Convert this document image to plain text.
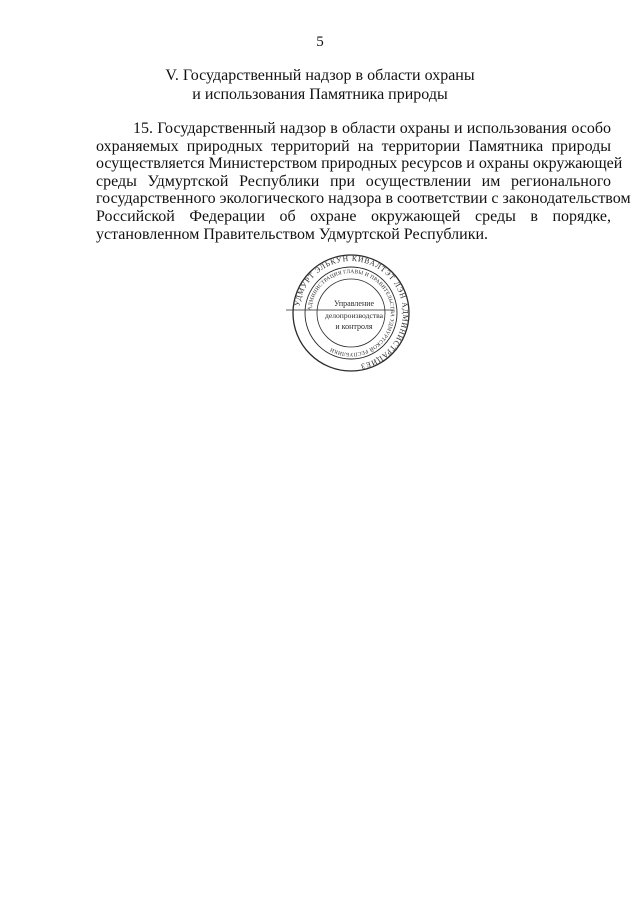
5
V. Государственный надзор в области охраны
и использования Памятника природы
15. Государственный надзор в области охраны и использования особо
охраняемых природных территорий на территории Памятника природы
осуществляется Министерством природных ресурсов и охраны окружающей
среды Удмуртской Республики при осуществлении им регионального
государственного экологического надзора в соответствии с законодательством
Российской Федерации об охране окружающей среды в порядке,
установленном Правительством Удмуртской Республики.
УДМУРТ ЭЛЬКУН КИВАЛТЭТ ЛЭН АДМИНИСТРАЦИЕЗ
АДМИНИСТРАЦИЯ ГЛАВЫ И ПРАВИТЕЛЬСТВА УДМУРТСКОЙ РЕСПУБЛИКИ
Управление
делопроизводства
и контроля
